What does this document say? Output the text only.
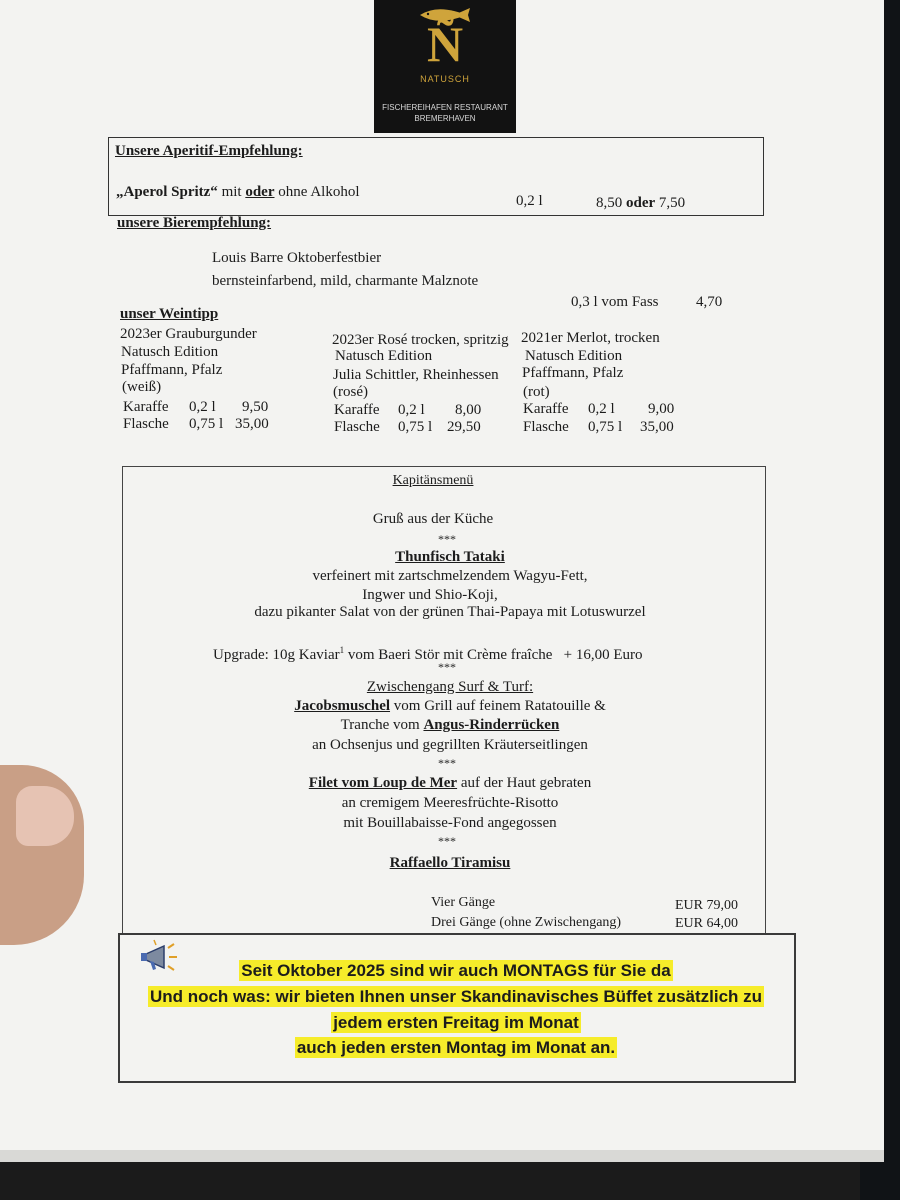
Ñ
NATUSCH
FISCHEREIHAFEN RESTAURANT
BREMERHAVEN
Unsere Aperitif-Empfehlung:
„Aperol Spritz“ mit oder ohne Alkohol
0,2 l	8,50 oder 7,50
unsere Bierempfehlung:
Louis Barre Oktoberfestbier
bernsteinfarbend, mild, charmante Malznote
0,3 l vom Fass 4,70
unser Weintipp
2023er Grauburgunder
Natusch Edition
Pfaffmann, Pfalz
(weiß)
Karaffe 0,2 l 9,50
Flasche 0,75 l 35,00
2023er Rosé trocken, spritzig
Natusch Edition
Julia Schittler, Rheinhessen
(rosé)
Karaffe 0,2 l 8,00
Flasche 0,75 l 29,50
2021er Merlot, trocken
Natusch Edition
Pfaffmann, Pfalz
(rot)
Karaffe 0,2 l 9,00
Flasche 0,75 l 35,00
Kapitänsmenü
Gruß aus der Küche
***
Thunfisch Tataki
verfeinert mit zartschmelzendem Wagyu-Fett,
Ingwer und Shio-Koji,
dazu pikanter Salat von der grünen Thai-Papaya mit Lotuswurzel
Upgrade: 10g Kaviar$^1$ vom Baeri Stör mit Crème fraîche + 16,00 Euro
***
Zwischengang Surf & Turf:
Jacobsmuschel vom Grill auf feinem Ratatouille &
Tranche vom Angus-Rinderrücken
an Ochsenjus und gegrillten Kräuterseitlingen
***
Filet vom Loup de Mer auf der Haut gebraten
an cremigem Meeresfrüchte-Risotto
mit Bouillabaisse-Fond angegossen
***
Raffaello Tiramisu
Vier Gänge	EUR 79,00
Drei Gänge (ohne Zwischengang)	EUR 64,00
Seit Oktober 2025 sind wir auch MONTAGS für Sie da
Und noch was: wir bieten Ihnen unser Skandinavisches Büffet zusätzlich zu
jedem ersten Freitag im Monat
auch jeden ersten Montag im Monat an.
